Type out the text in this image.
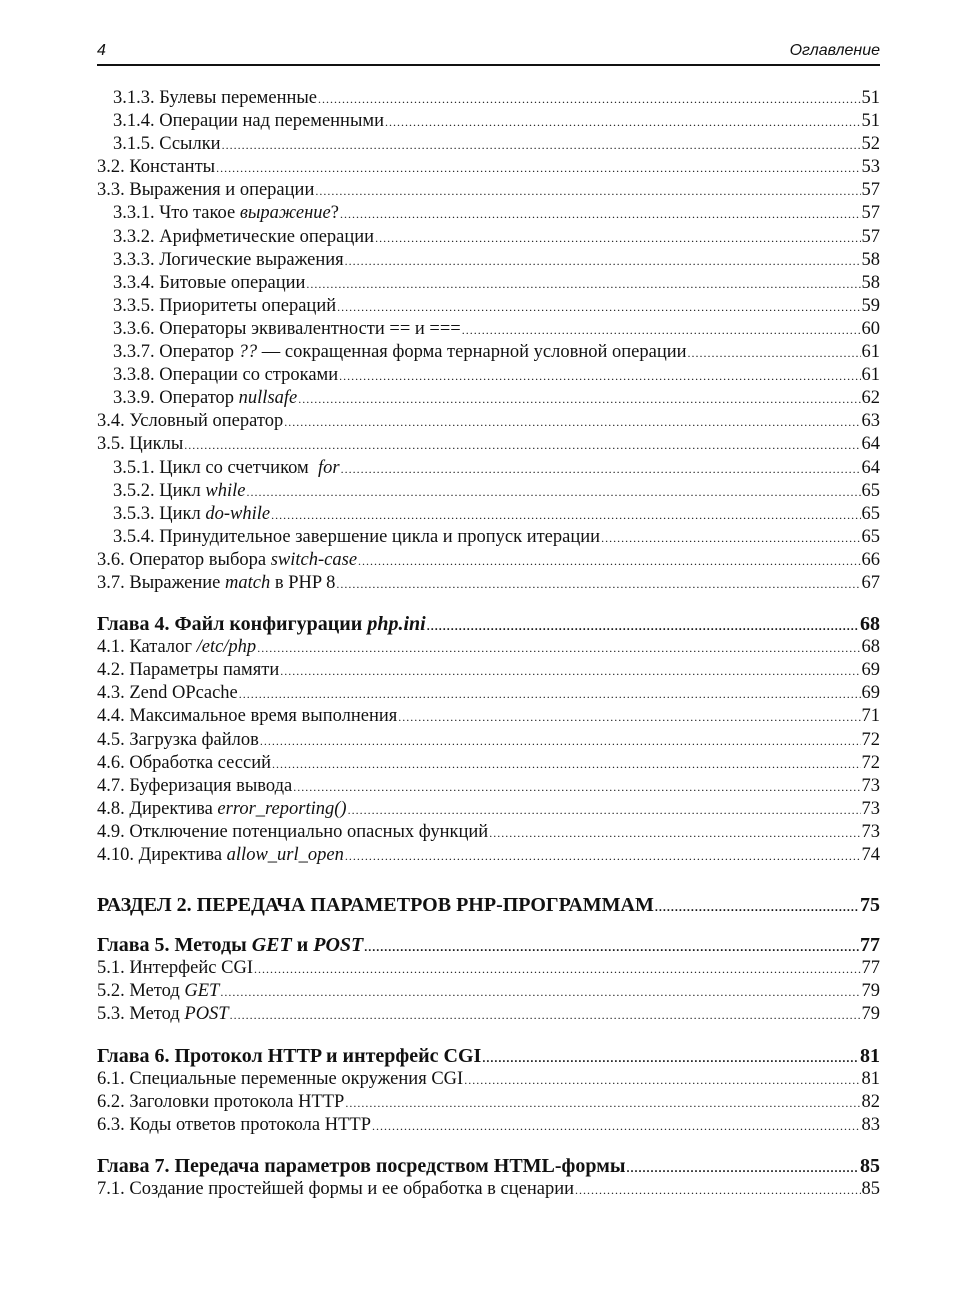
4	Оглавление
3.1.3. Булевы переменные .....	51
3.1.4. Операции над переменными .....	51
3.1.5. Ссылки .....	52
3.2. Константы .....	53
3.3. Выражения и операции .....	57
3.3.1. Что такое выражение? .....	57
3.3.2. Арифметические операции .....	57
3.3.3. Логические выражения .....	58
3.3.4. Битовые операции .....	58
3.3.5. Приоритеты операций .....	59
3.3.6. Операторы эквивалентности == и === .....	60
3.3.7. Оператор ?? — сокращенная форма тернарной условной операции .....	61
3.3.8. Операции со строками .....	61
3.3.9. Оператор nullsafe .....	62
3.4. Условный оператор .....	63
3.5. Циклы .....	64
3.5.1. Цикл со счетчиком  for .....	64
3.5.2. Цикл while .....	65
3.5.3. Цикл do-while .....	65
3.5.4. Принудительное завершение цикла и пропуск итерации .....	65
3.6. Оператор выбора switch-case .....	66
3.7. Выражение match в PHP 8 .....	67
Глава 4. Файл конфигурации php.ini .....	68
4.1. Каталог /etc/php .....	68
4.2. Параметры памяти .....	69
4.3. Zend OPcache .....	69
4.4. Максимальное время выполнения .....	71
4.5. Загрузка файлов .....	72
4.6. Обработка сессий .....	72
4.7. Буферизация вывода .....	73
4.8. Директива error_reporting() .....	73
4.9. Отключение потенциально опасных функций .....	73
4.10. Директива allow_url_open .....	74
РАЗДЕЛ 2. ПЕРЕДАЧА ПАРАМЕТРОВ PHP-ПРОГРАММАМ .....	75
Глава 5. Методы GET и POST .....	77
5.1. Интерфейс CGI .....	77
5.2. Метод GET .....	79
5.3. Метод POST .....	79
Глава 6. Протокол HTTP и интерфейс CGI .....	81
6.1. Специальные переменные окружения CGI .....	81
6.2. Заголовки протокола HTTP .....	82
6.3. Коды ответов протокола HTTP .....	83
Глава 7. Передача параметров посредством HTML-формы .....	85
7.1. Создание простейшей формы и ее обработка в сценарии .....	85
